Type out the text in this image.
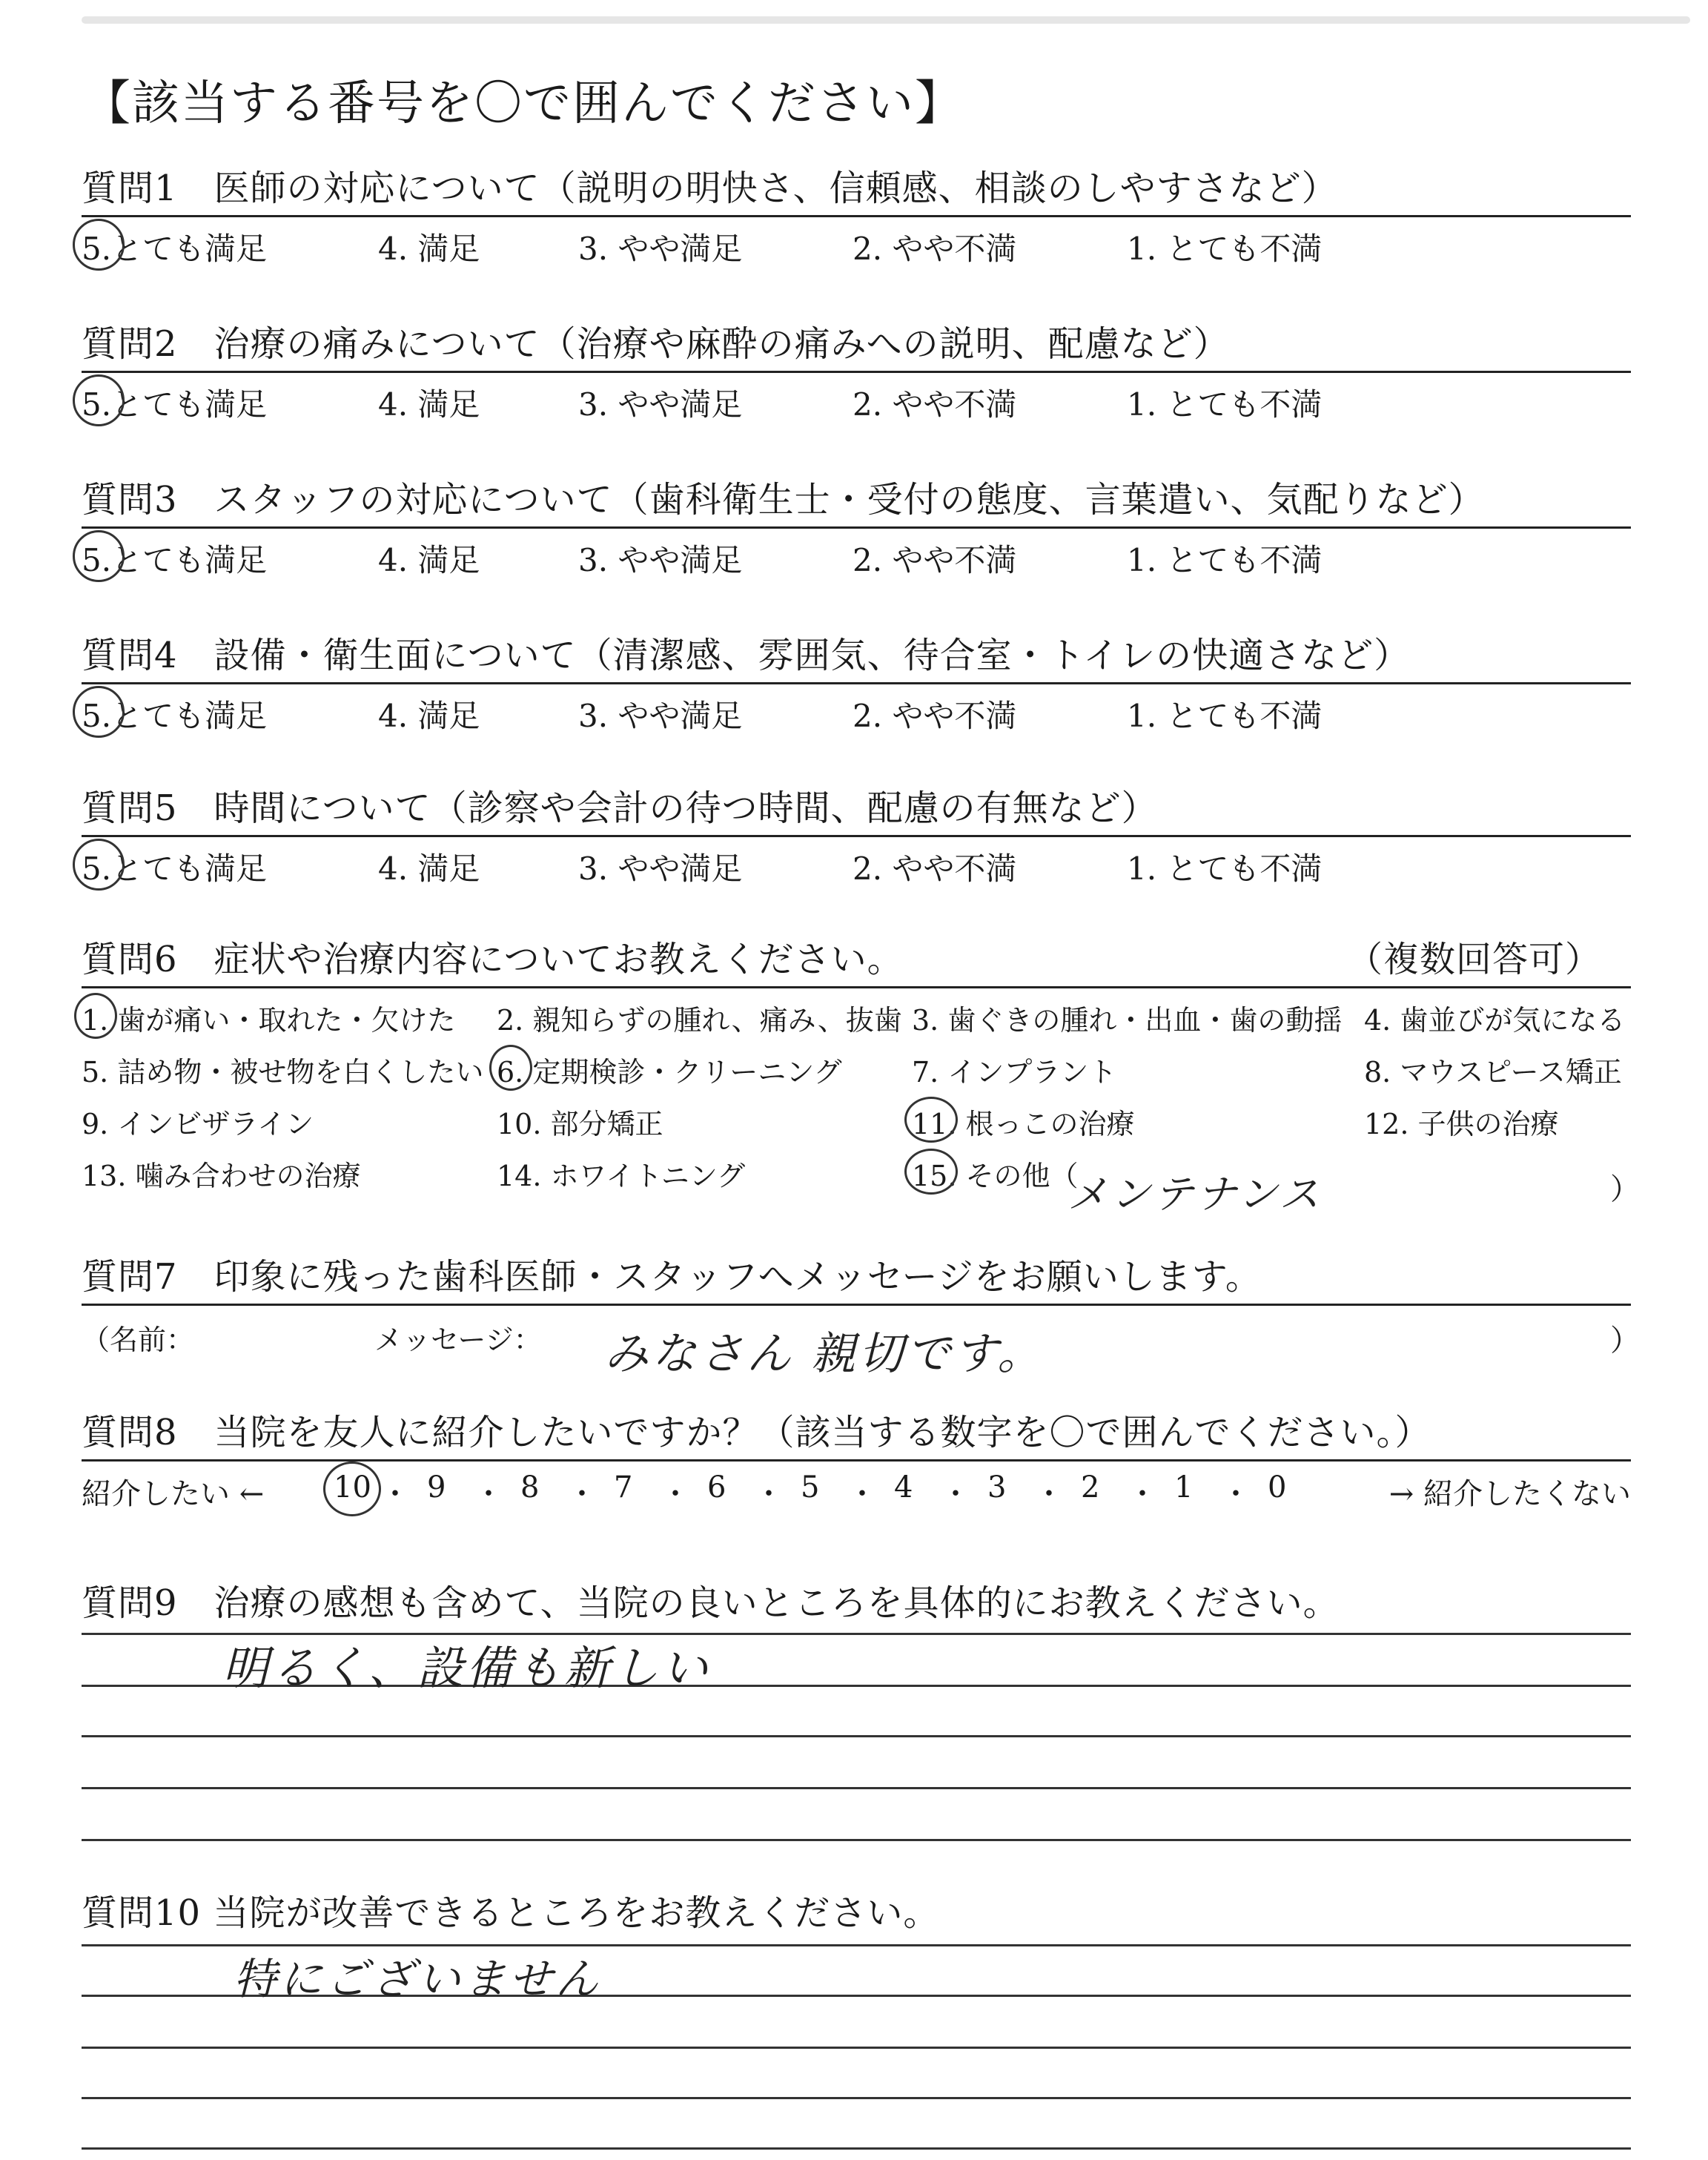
【該当する番号を〇で囲んでください】
質問1　医師の対応について（説明の明快さ、信頼感、相談のしやすさなど）
5.とても満足	4. 満足	3. やや満足	2. やや不満	1. とても不満
質問2　治療の痛みについて（治療や麻酔の痛みへの説明、配慮など）
5.とても満足	4. 満足	3. やや満足	2. やや不満	1. とても不満
質問3　スタッフの対応について（歯科衛生士・受付の態度、言葉遣い、気配りなど）
5.とても満足	4. 満足	3. やや満足	2. やや不満	1. とても不満
質問4　設備・衛生面について（清潔感、雰囲気、待合室・トイレの快適さなど）
5.とても満足	4. 満足	3. やや満足	2. やや不満	1. とても不満
質問5　時間について（診察や会計の待つ時間、配慮の有無など）
5.とても満足	4. 満足	3. やや満足	2. やや不満	1. とても不満
質問6　症状や治療内容についてお教えください。	（複数回答可）
1. 歯が痛い・取れた・欠けた 2. 親知らずの腫れ、痛み、抜歯 3. 歯ぐきの腫れ・出血・歯の動揺 4. 歯並びが気になる
5. 詰め物・被せ物を白くしたい 6. 定期検診・クリーニング 7. インプラント	8. マウスピース矯正
9. インビザライン	10. 部分矯正	11. 根っこの治療	12. 子供の治療
13. 噛み合わせの治療	14. ホワイトニング	15. その他（
メンテナンス	）
質問7　印象に残った歯科医師・スタッフへメッセージをお願いします。
（名前：	メッセージ： みなさん 親切です。	）
質問8　当院を友人に紹介したいですか？（該当する数字を〇で囲んでください。）
紹介したい ←	→ 紹介したくない
10 ・ 9 ・ 8 ・ 7 ・ 6 ・ 5 ・ 4 ・ 3 ・ 2 ・ 1 ・ 0
質問9　治療の感想も含めて、当院の良いところを具体的にお教えください。
明るく、設備も新しい
質問10 当院が改善できるところをお教えください。
特にございません
